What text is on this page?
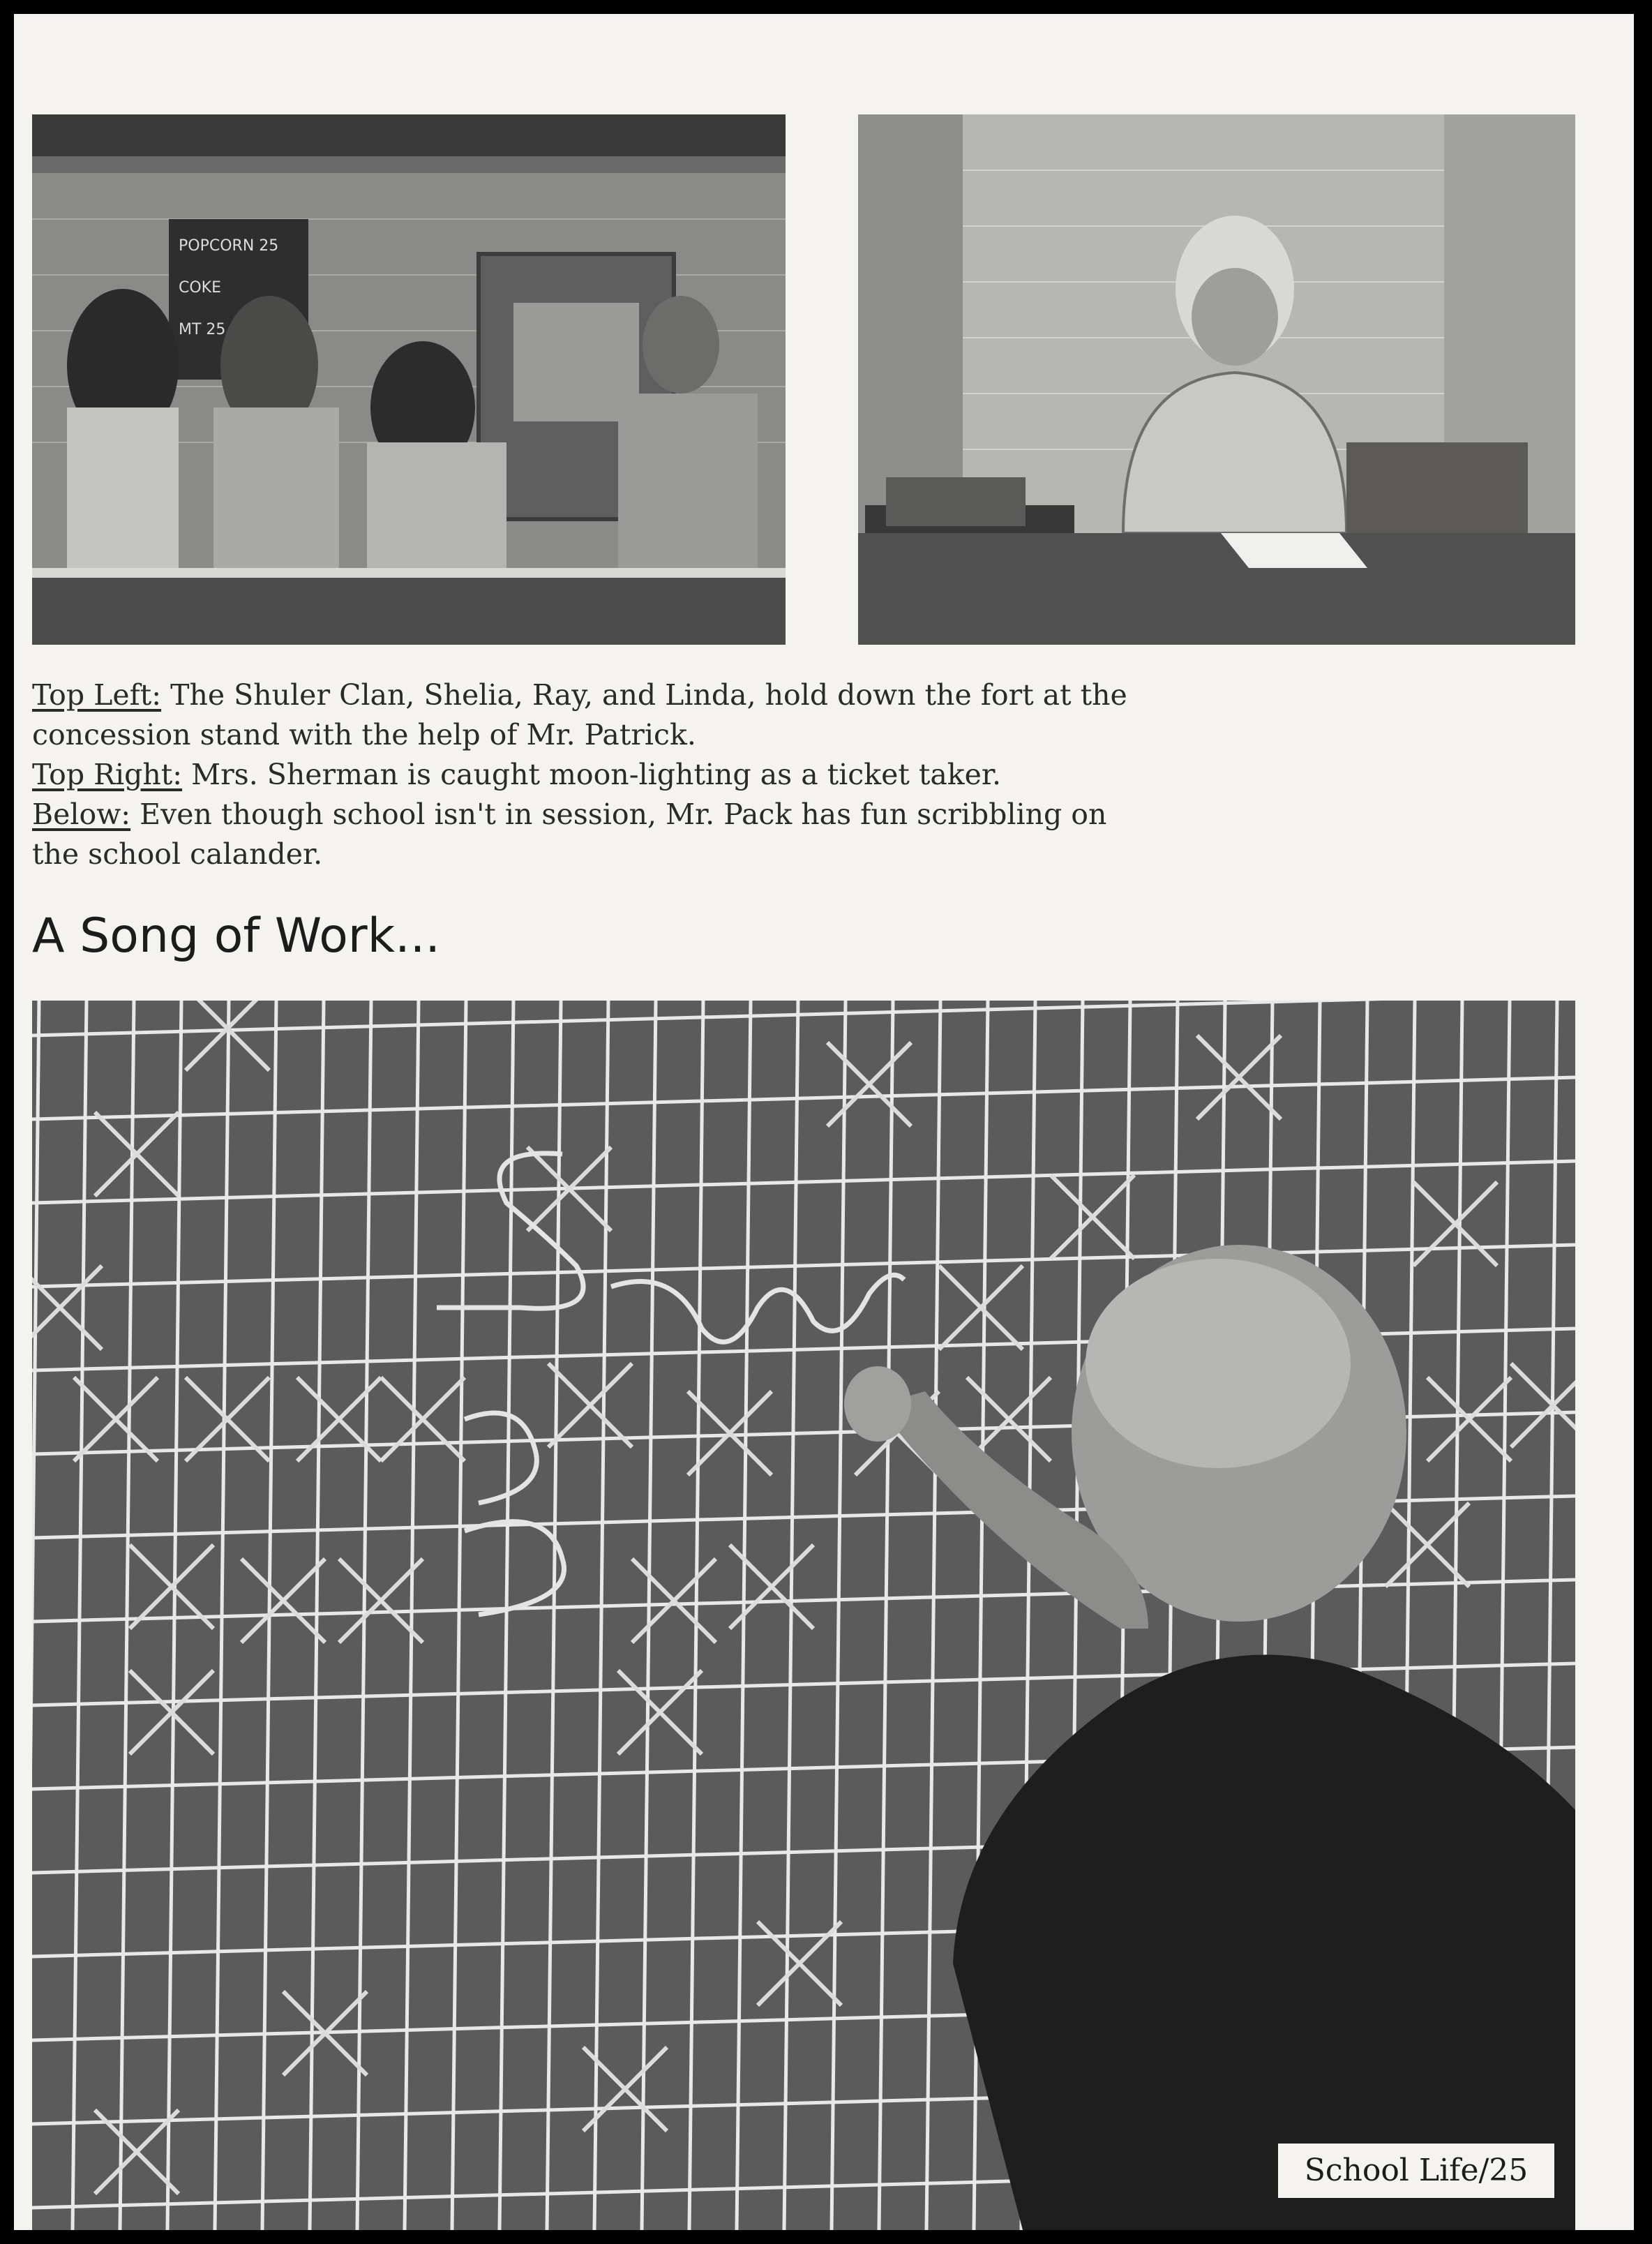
POPCORN 25
COKE
MT 25
Top Left: The Shuler Clan, Shelia, Ray, and Linda, hold down the fort at the
concession stand with the help of Mr. Patrick.
Top Right: Mrs. Sherman is caught moon-lighting as a ticket taker.
Below: Even though school isn't in session, Mr. Pack has fun scribbling on
the school calander.
A Song of Work...
School Life/25
